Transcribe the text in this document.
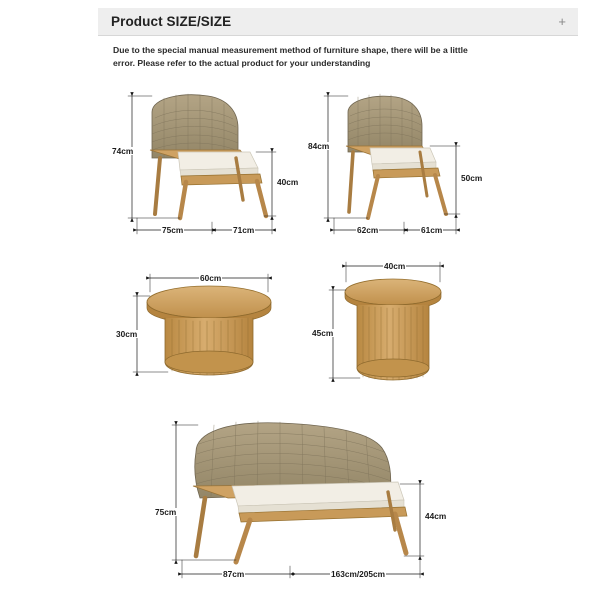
Product SIZE/SIZE	+
Due to the special manual measurement method of furniture shape, there will be a little error. Please refer to the actual product for your understanding
74cm
40cm
75cm	71cm
84cm
50cm
62cm	61cm
60cm
30cm
40cm
45cm
75cm	44cm
87cm	163cm/205cm
